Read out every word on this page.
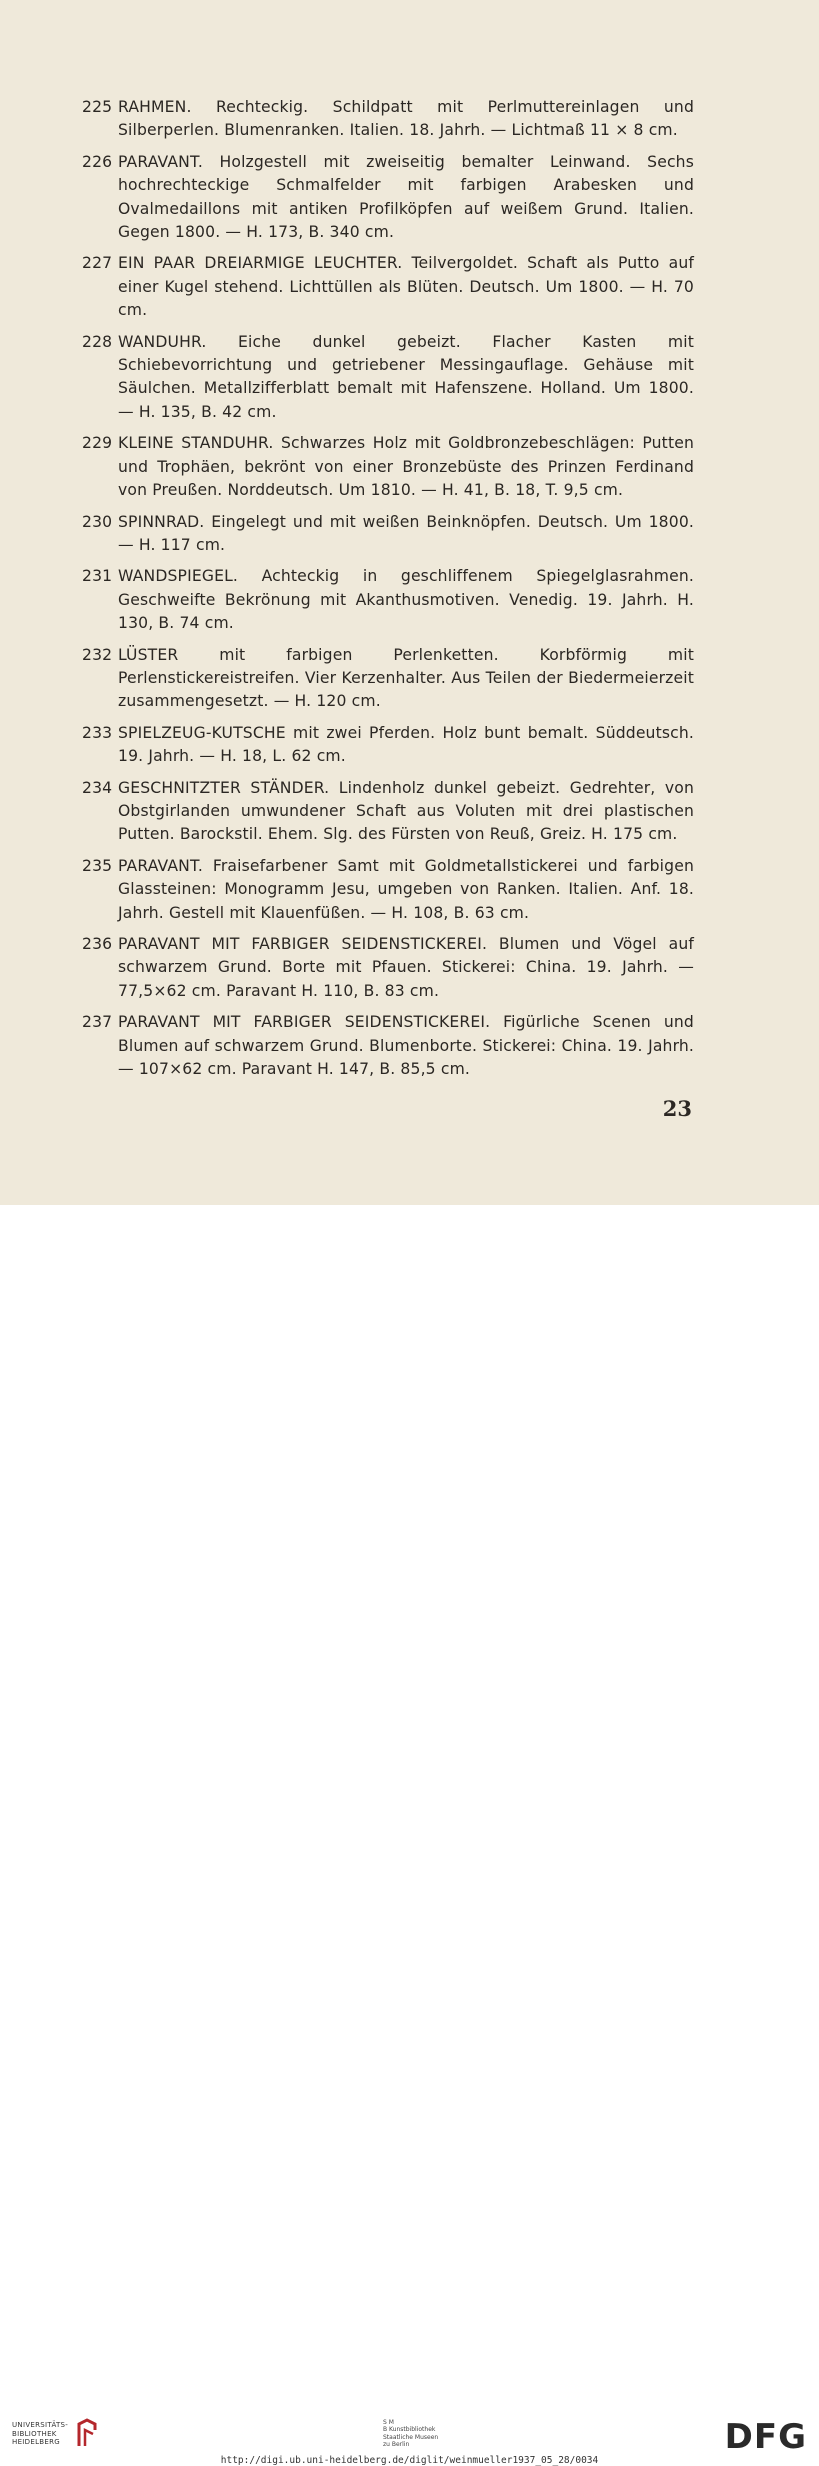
225 RAHMEN. Rechteckig. Schildpatt mit Perlmuttereinlagen und Silberperlen. Blumenranken. Italien. 18. Jahrh. — Lichtmaß 11 × 8 cm.
226 PARAVANT. Holzgestell mit zweiseitig bemalter Leinwand. Sechs hochrechteckige Schmalfelder mit farbigen Arabesken und Ovalmedaillons mit antiken Profilköpfen auf weißem Grund. Italien. Gegen 1800. — H. 173, B. 340 cm.
227 EIN PAAR DREIARMIGE LEUCHTER. Teilvergoldet. Schaft als Putto auf einer Kugel stehend. Lichttüllen als Blüten. Deutsch. Um 1800. — H. 70 cm.
228 WANDUHR. Eiche dunkel gebeizt. Flacher Kasten mit Schiebevorrichtung und getriebener Messingauflage. Gehäuse mit Säulchen. Metallzifferblatt bemalt mit Hafenszene. Holland. Um 1800. — H. 135, B. 42 cm.
229 KLEINE STANDUHR. Schwarzes Holz mit Goldbronzebeschlägen: Putten und Trophäen, bekrönt von einer Bronzebüste des Prinzen Ferdinand von Preußen. Norddeutsch. Um 1810. — H. 41, B. 18, T. 9,5 cm.
230 SPINNRAD. Eingelegt und mit weißen Beinknöpfen. Deutsch. Um 1800. — H. 117 cm.
231 WANDSPIEGEL. Achteckig in geschliffenem Spiegelglasrahmen. Geschweifte Bekrönung mit Akanthusmotiven. Venedig. 19. Jahrh. H. 130, B. 74 cm.
232 LÜSTER mit farbigen Perlenketten. Korbförmig mit Perlenstickereistreifen. Vier Kerzenhalter. Aus Teilen der Biedermeierzeit zusammengesetzt. — H. 120 cm.
233 SPIELZEUG-KUTSCHE mit zwei Pferden. Holz bunt bemalt. Süddeutsch. 19. Jahrh. — H. 18, L. 62 cm.
234 GESCHNITZTER STÄNDER. Lindenholz dunkel gebeizt. Gedrehter, von Obstgirlanden umwundener Schaft aus Voluten mit drei plastischen Putten. Barockstil. Ehem. Slg. des Fürsten von Reuß, Greiz. H. 175 cm.
235 PARAVANT. Fraisefarbener Samt mit Goldmetallstickerei und farbigen Glassteinen: Monogramm Jesu, umgeben von Ranken. Italien. Anf. 18. Jahrh. Gestell mit Klauenfüßen. — H. 108, B. 63 cm.
236 PARAVANT MIT FARBIGER SEIDENSTICKEREI. Blumen und Vögel auf schwarzem Grund. Borte mit Pfauen. Stickerei: China. 19. Jahrh. — 77,5×62 cm. Paravant H. 110, B. 83 cm.
237 PARAVANT MIT FARBIGER SEIDENSTICKEREI. Figürliche Scenen und Blumen auf schwarzem Grund. Blumenborte. Stickerei: China. 19. Jahrh. — 107×62 cm. Paravant H. 147, B. 85,5 cm.
23
UNIVERSITÄTS-
BIBLIOTHEK
HEIDELBERG
S M
B Kunstbibliothek
Staatliche Museen
zu Berlin	DFG
http://digi.ub.uni-heidelberg.de/diglit/weinmueller1937_05_28/0034
